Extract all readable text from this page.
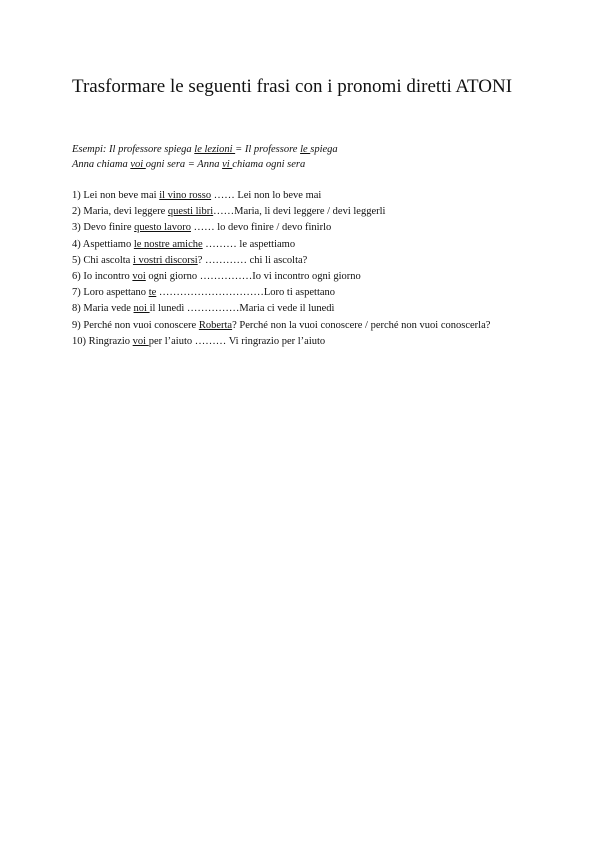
Trasformare le seguenti frasi con i pronomi diretti ATONI
Esempi: Il professore spiega le lezioni = Il professore le spiega
Anna chiama voi ogni sera = Anna vi chiama ogni sera
1) Lei non beve mai il vino rosso …… Lei non lo beve mai
2) Maria, devi leggere questi libri……Maria, li devi leggere / devi leggerli
3) Devo finire questo lavoro …… lo devo finire / devo finirlo
4) Aspettiamo le nostre amiche ……… le aspettiamo
5) Chi ascolta i vostri discorsi? ………… chi li ascolta?
6) Io incontro voi ogni giorno ……………Io vi incontro ogni giorno
7) Loro aspettano te …………………………Loro ti aspettano
8) Maria vede noi il lunedì ……………Maria ci vede il lunedì
9) Perché non vuoi conoscere Roberta? Perché non la vuoi conoscere / perché non vuoi conoscerla?
10) Ringrazio voi per l’aiuto ……… Vi ringrazio per l’aiuto
